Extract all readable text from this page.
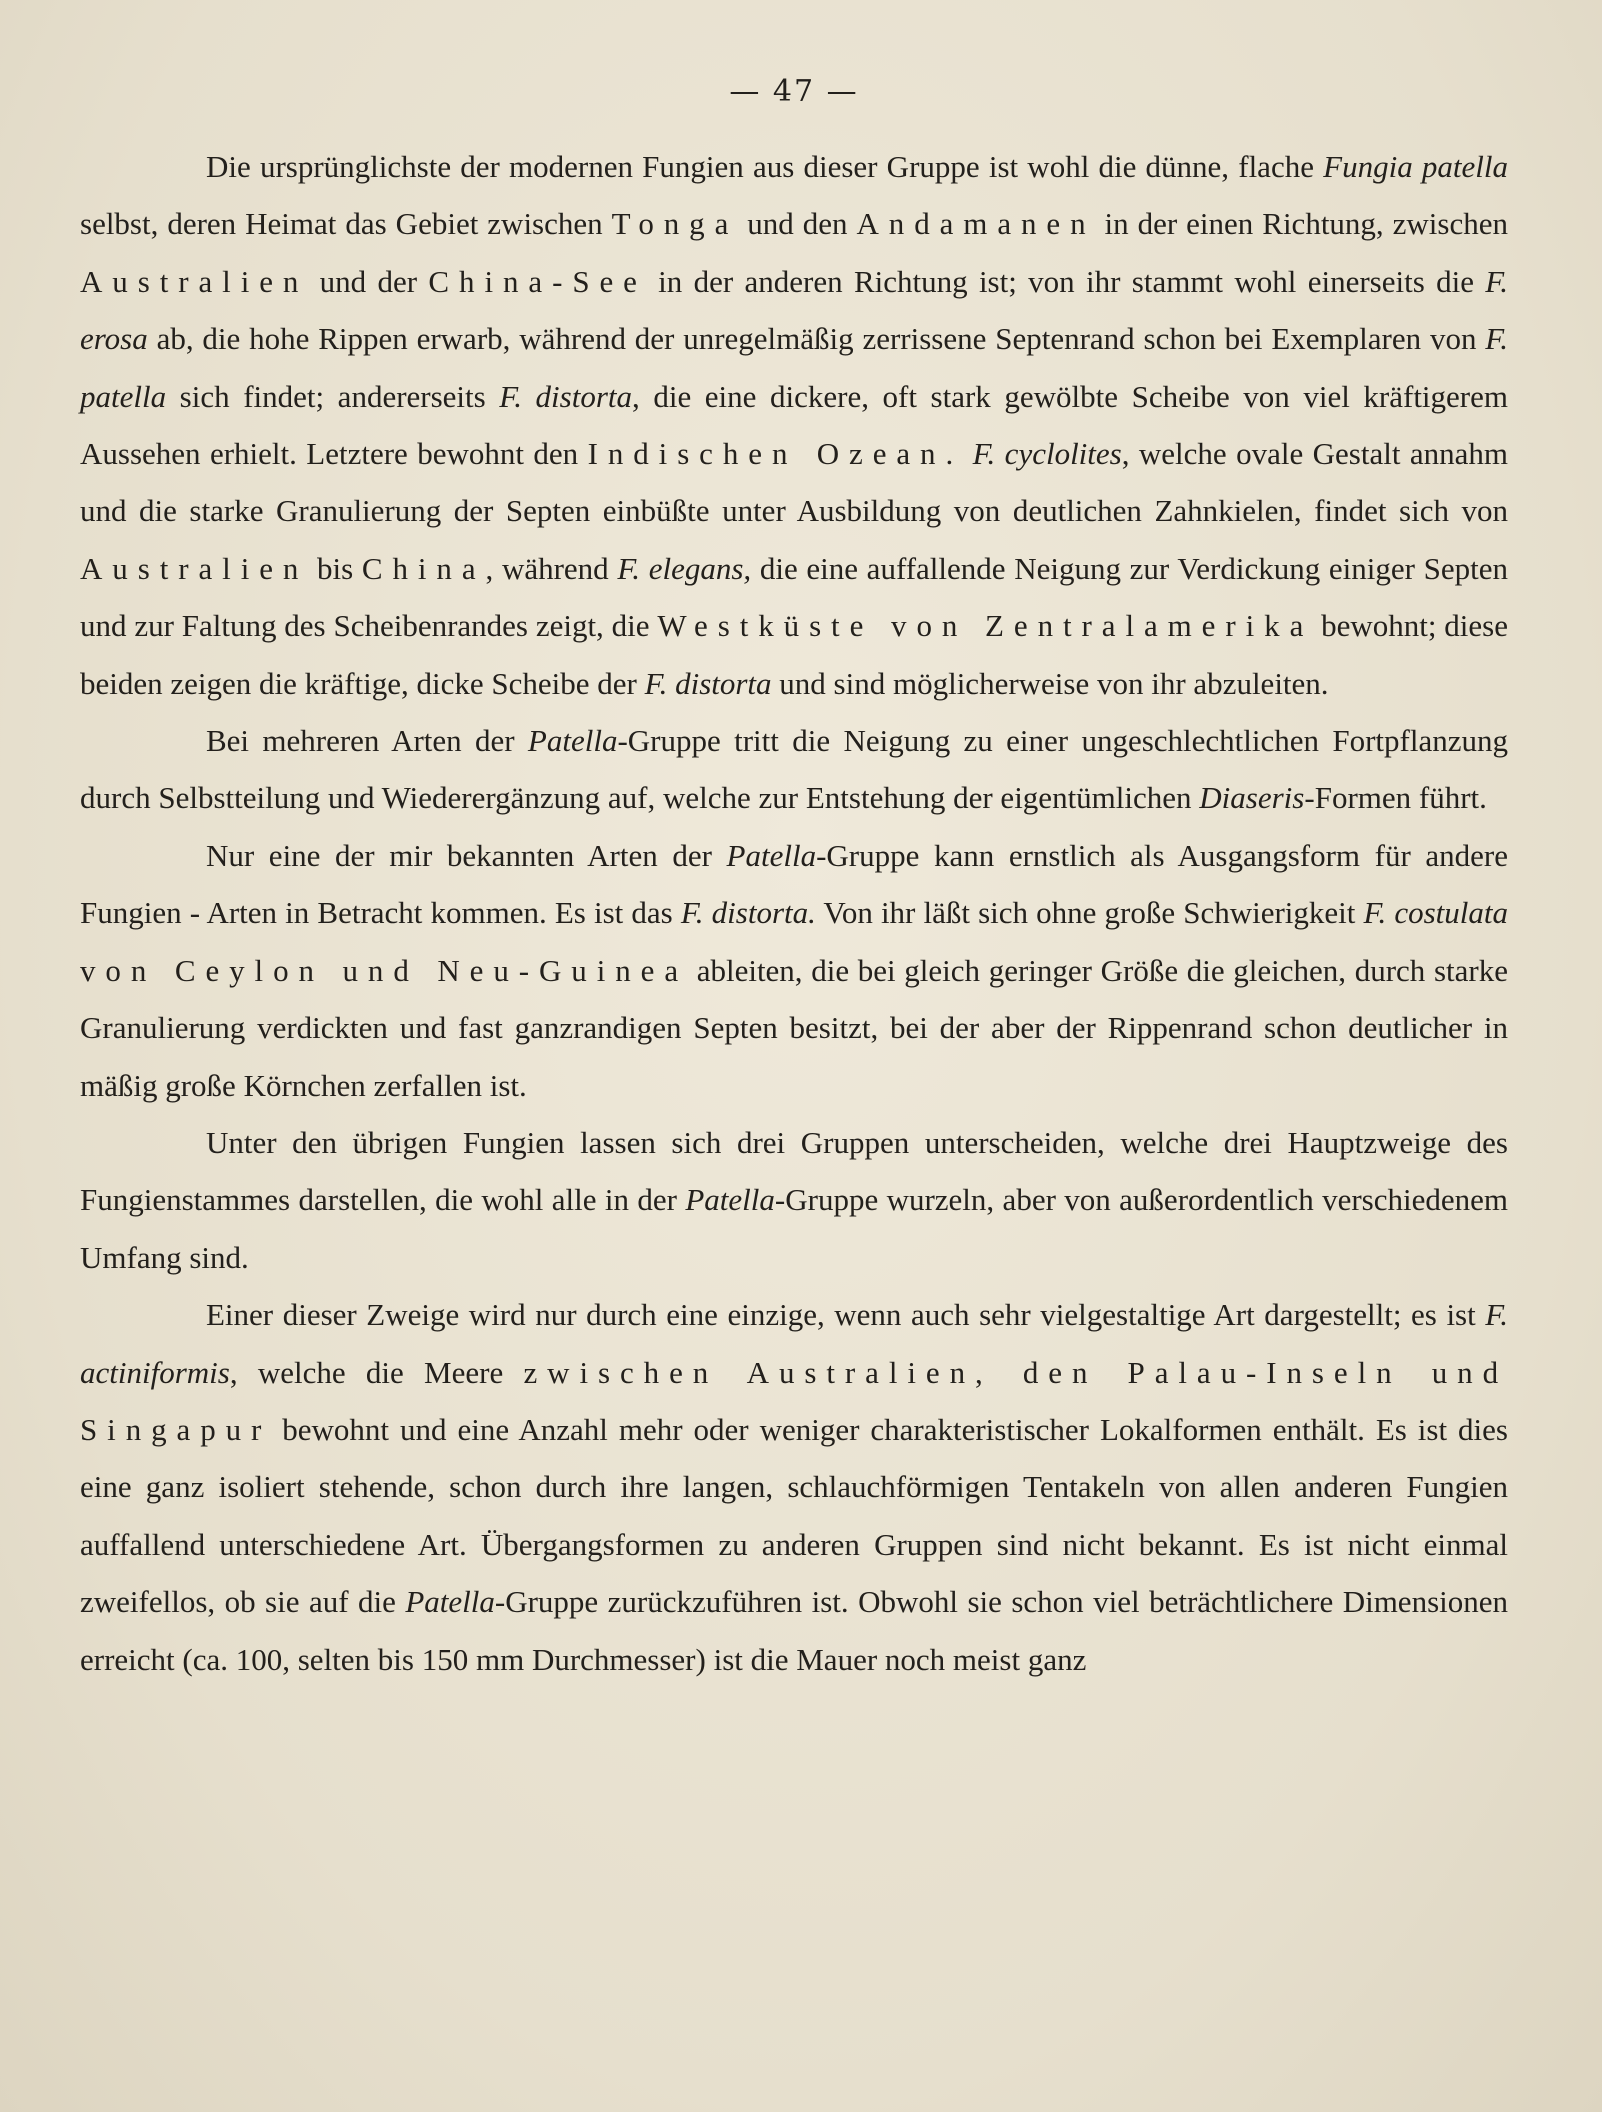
— 47 —

Die ursprünglichste der modernen Fungien aus dieser Gruppe ist wohl die dünne, flache Fungia patella selbst, deren Heimat das Gebiet zwischen Tonga und den Andamanen in der einen Richtung, zwischen Australien und der China-See in der anderen Richtung ist; von ihr stammt wohl einerseits die F. erosa ab, die hohe Rippen erwarb, während der unregelmäßig zerrissene Septenrand schon bei Exemplaren von F. patella sich findet; andererseits F. distorta, die eine dickere, oft stark gewölbte Scheibe von viel kräftigerem Aussehen erhielt. Letztere bewohnt den Indischen Ozean. F. cyclolites, welche ovale Gestalt annahm und die starke Granulierung der Septen einbüßte unter Ausbildung von deutlichen Zahnkielen, findet sich von Australien bis China, während F. elegans, die eine auffallende Neigung zur Verdickung einiger Septen und zur Faltung des Scheibenrandes zeigt, die Westküste von Zentralamerika bewohnt; diese beiden zeigen die kräftige, dicke Scheibe der F. distorta und sind möglicherweise von ihr abzuleiten.

Bei mehreren Arten der Patella-Gruppe tritt die Neigung zu einer ungeschlechtlichen Fortpflanzung durch Selbstteilung und Wiederergänzung auf, welche zur Entstehung der eigentümlichen Diaseris-Formen führt.

Nur eine der mir bekannten Arten der Patella-Gruppe kann ernstlich als Ausgangsform für andere Fungien - Arten in Betracht kommen. Es ist das F. distorta. Von ihr läßt sich ohne große Schwierigkeit F. costulata von Ceylon und Neu-Guinea ableiten, die bei gleich geringer Größe die gleichen, durch starke Granulierung verdickten und fast ganzrandigen Septen besitzt, bei der aber der Rippenrand schon deutlicher in mäßig große Körnchen zerfallen ist.

Unter den übrigen Fungien lassen sich drei Gruppen unterscheiden, welche drei Hauptzweige des Fungienstammes darstellen, die wohl alle in der Patella-Gruppe wurzeln, aber von außerordentlich verschiedenem Umfang sind.

Einer dieser Zweige wird nur durch eine einzige, wenn auch sehr vielgestaltige Art dargestellt; es ist F. actiniformis, welche die Meere zwischen Australien, den Palau-Inseln und Singapur bewohnt und eine Anzahl mehr oder weniger charakteristischer Lokalformen enthält. Es ist dies eine ganz isoliert stehende, schon durch ihre langen, schlauchförmigen Tentakeln von allen anderen Fungien auffallend unterschiedene Art. Übergangsformen zu anderen Gruppen sind nicht bekannt. Es ist nicht einmal zweifellos, ob sie auf die Patella-Gruppe zurückzuführen ist. Obwohl sie schon viel beträchtlichere Dimensionen erreicht (ca. 100, selten bis 150 mm Durchmesser) ist die Mauer noch meist ganz
